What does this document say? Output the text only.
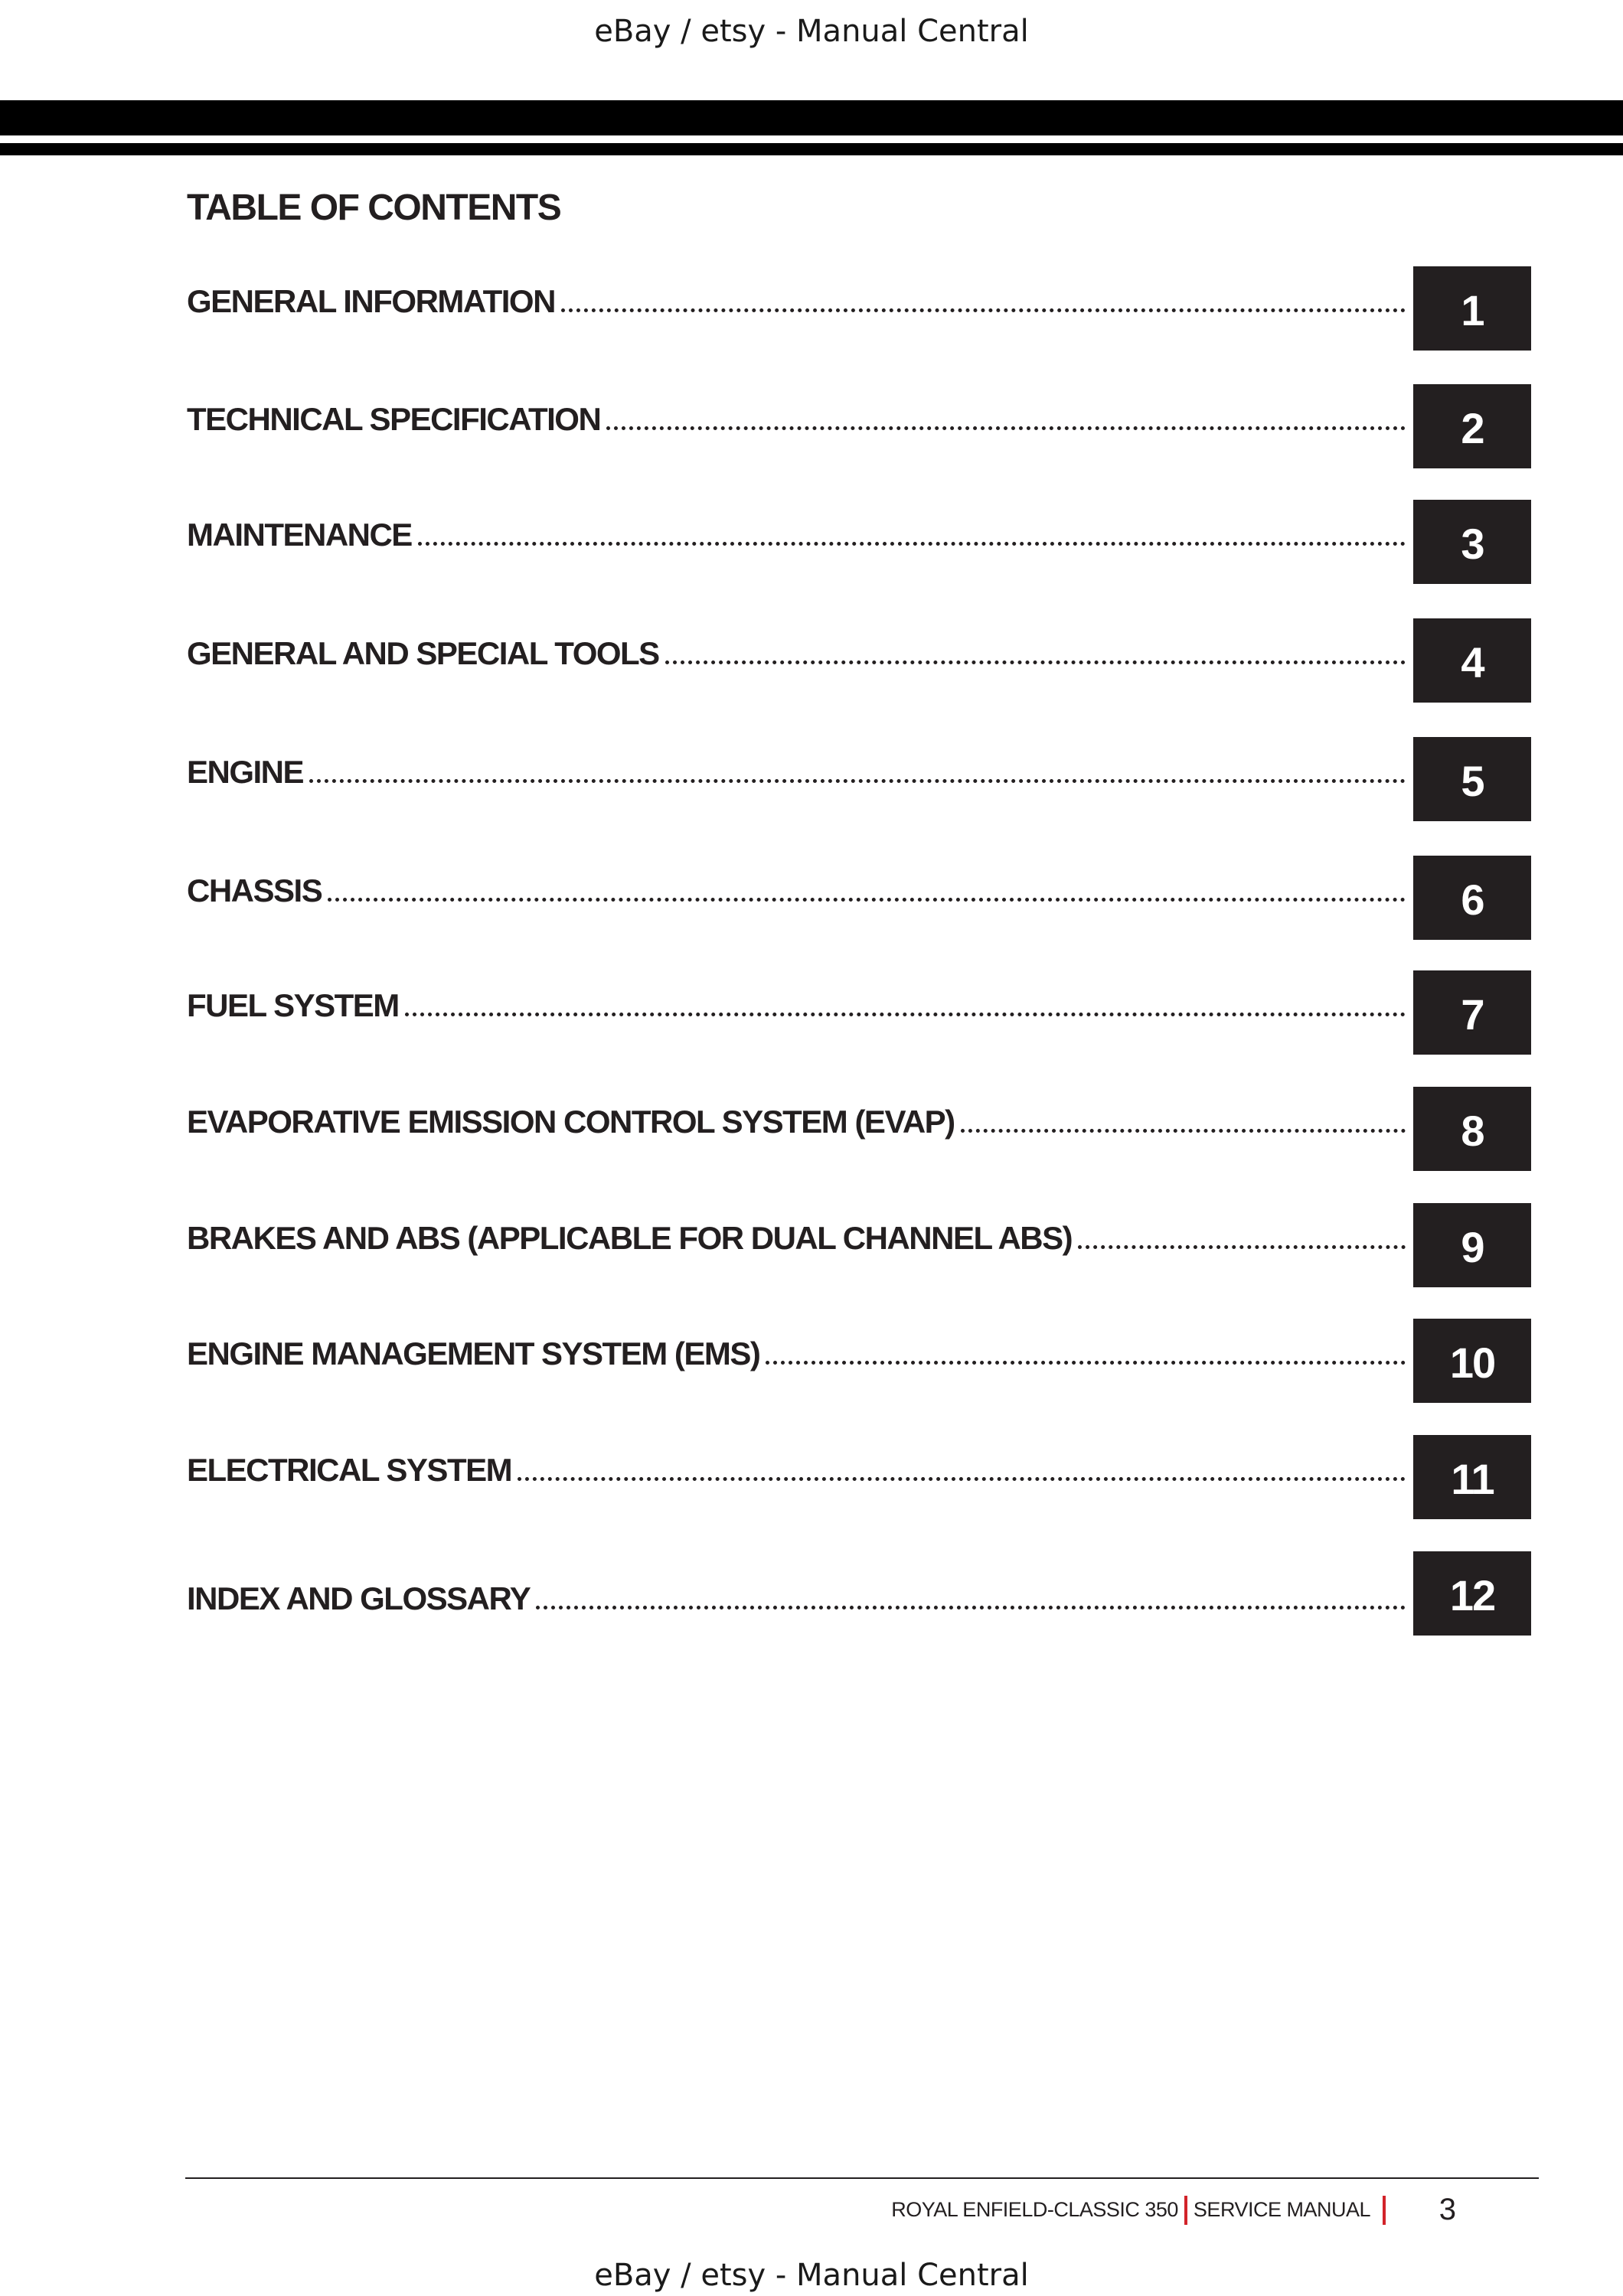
eBay / etsy - Manual Central
TABLE OF CONTENTS
GENERAL INFORMATION	1
TECHNICAL SPECIFICATION	2
MAINTENANCE	3
GENERAL AND SPECIAL TOOLS	4
ENGINE	5
CHASSIS	6
FUEL SYSTEM	7
EVAPORATIVE EMISSION CONTROL SYSTEM (EVAP)	8
BRAKES AND ABS (APPLICABLE FOR DUAL CHANNEL ABS)	9
ENGINE MANAGEMENT SYSTEM (EMS)	10
ELECTRICAL SYSTEM	11
INDEX AND GLOSSARY	12
ROYAL ENFIELD-CLASSIC 350 SERVICE MANUAL 3
eBay / etsy - Manual Central
